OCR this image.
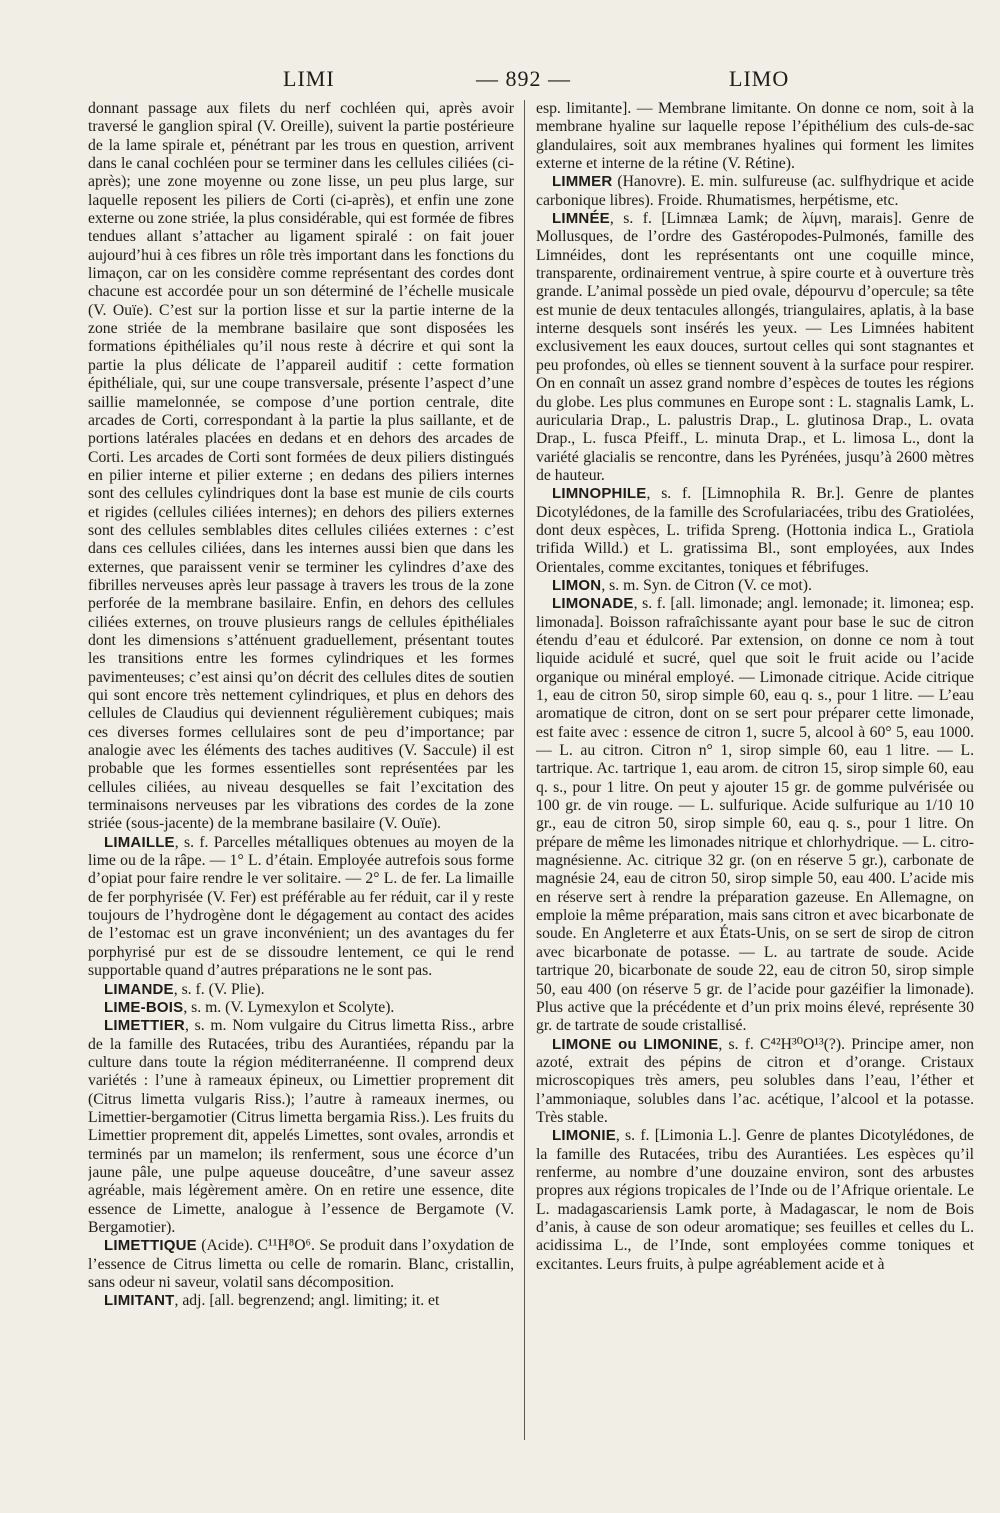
LIMI	— 892 —	LIMO

donnant passage aux filets du nerf cochléen qui, après avoir traversé le ganglion spiral (V. Oreille), suivent la partie postérieure de la lame spirale et, pénétrant par les trous en question, arrivent dans le canal cochléen pour se terminer dans les cellules ciliées (ci-après); une zone moyenne ou zone lisse, un peu plus large, sur laquelle reposent les piliers de Corti (ci-après), et enfin une zone externe ou zone striée, la plus considérable, qui est formée de fibres tendues allant s’attacher au ligament spiralé : on fait jouer aujourd’hui à ces fibres un rôle très important dans les fonctions du limaçon, car on les considère comme représentant des cordes dont chacune est accordée pour un son déterminé de l’échelle musicale (V. Ouïe). C’est sur la portion lisse et sur la partie interne de la zone striée de la membrane basilaire que sont disposées les formations épithéliales qu’il nous reste à décrire et qui sont la partie la plus délicate de l’appareil auditif : cette formation épithéliale, qui, sur une coupe transversale, présente l’aspect d’une saillie mamelonnée, se compose d’une portion centrale, dite arcades de Corti, correspondant à la partie la plus saillante, et de portions latérales placées en dedans et en dehors des arcades de Corti. Les arcades de Corti sont formées de deux piliers distingués en pilier interne et pilier externe ; en dedans des piliers internes sont des cellules cylindriques dont la base est munie de cils courts et rigides (cellules ciliées internes); en dehors des piliers externes sont des cellules semblables dites cellules ciliées externes : c’est dans ces cellules ciliées, dans les internes aussi bien que dans les externes, que paraissent venir se terminer les cylindres d’axe des fibrilles nerveuses après leur passage à travers les trous de la zone perforée de la membrane basilaire. Enfin, en dehors des cellules ciliées externes, on trouve plusieurs rangs de cellules épithéliales dont les dimensions s’atténuent graduellement, présentant toutes les transitions entre les formes cylindriques et les formes pavimenteuses; c’est ainsi qu’on décrit des cellules dites de soutien qui sont encore très nettement cylindriques, et plus en dehors des cellules de Claudius qui deviennent régulièrement cubiques; mais ces diverses formes cellulaires sont de peu d’importance; par analogie avec les éléments des taches auditives (V. Saccule) il est probable que les formes essentielles sont représentées par les cellules ciliées, au niveau desquelles se fait l’excitation des terminaisons nerveuses par les vibrations des cordes de la zone striée (sous-jacente) de la membrane basilaire (V. Ouïe).

LIMAILLE, s. f. Parcelles métalliques obtenues au moyen de la lime ou de la râpe. — 1° L. d’étain. Employée autrefois sous forme d’opiat pour faire rendre le ver solitaire. — 2° L. de fer. La limaille de fer porphyrisée (V. Fer) est préférable au fer réduit, car il y reste toujours de l’hydrogène dont le dégagement au contact des acides de l’estomac est un grave inconvénient; un des avantages du fer porphyrisé pur est de se dissoudre lentement, ce qui le rend supportable quand d’autres préparations ne le sont pas.

LIMANDE, s. f. (V. Plie).

LIME-BOIS, s. m. (V. Lymexylon et Scolyte).

LIMETTIER, s. m. Nom vulgaire du Citrus limetta Riss., arbre de la famille des Rutacées, tribu des Aurantiées, répandu par la culture dans toute la région méditerranéenne. Il comprend deux variétés : l’une à rameaux épineux, ou Limettier proprement dit (Citrus limetta vulgaris Riss.); l’autre à rameaux inermes, ou Limettier-bergamotier (Citrus limetta bergamia Riss.). Les fruits du Limettier proprement dit, appelés Limettes, sont ovales, arrondis et terminés par un mamelon; ils renferment, sous une écorce d’un jaune pâle, une pulpe aqueuse douceâtre, d’une saveur assez agréable, mais légèrement amère. On en retire une essence, dite essence de Limette, analogue à l’essence de Bergamote (V. Bergamotier).

LIMETTIQUE (Acide). C¹¹H⁸O⁶. Se produit dans l’oxydation de l’essence de Citrus limetta ou celle de romarin. Blanc, cristallin, sans odeur ni saveur, volatil sans décomposition.

LIMITANT, adj. [all. begrenzend; angl. limiting; it. et

esp. limitante]. — Membrane limitante. On donne ce nom, soit à la membrane hyaline sur laquelle repose l’épithélium des culs-de-sac glandulaires, soit aux membranes hyalines qui forment les limites externe et interne de la rétine (V. Rétine).

LIMMER (Hanovre). E. min. sulfureuse (ac. sulfhydrique et acide carbonique libres). Froide. Rhumatismes, herpétisme, etc.

LIMNÉE, s. f. [Limnæa Lamk; de λίμνη, marais]. Genre de Mollusques, de l’ordre des Gastéropodes-Pulmonés, famille des Limnéides, dont les représentants ont une coquille mince, transparente, ordinairement ventrue, à spire courte et à ouverture très grande. L’animal possède un pied ovale, dépourvu d’opercule; sa tête est munie de deux tentacules allongés, triangulaires, aplatis, à la base interne desquels sont insérés les yeux. — Les Limnées habitent exclusivement les eaux douces, surtout celles qui sont stagnantes et peu profondes, où elles se tiennent souvent à la surface pour respirer. On en connaît un assez grand nombre d’espèces de toutes les régions du globe. Les plus communes en Europe sont : L. stagnalis Lamk, L. auricularia Drap., L. palustris Drap., L. glutinosa Drap., L. ovata Drap., L. fusca Pfeiff., L. minuta Drap., et L. limosa L., dont la variété glacialis se rencontre, dans les Pyrénées, jusqu’à 2600 mètres de hauteur.

LIMNOPHILE, s. f. [Limnophila R. Br.]. Genre de plantes Dicotylédones, de la famille des Scrofulariacées, tribu des Gratiolées, dont deux espèces, L. trifida Spreng. (Hottonia indica L., Gratiola trifida Willd.) et L. gratissima Bl., sont employées, aux Indes Orientales, comme excitantes, toniques et fébrifuges.

LIMON, s. m. Syn. de Citron (V. ce mot).

LIMONADE, s. f. [all. limonade; angl. lemonade; it. limonea; esp. limonada]. Boisson rafraîchissante ayant pour base le suc de citron étendu d’eau et édulcoré. Par extension, on donne ce nom à tout liquide acidulé et sucré, quel que soit le fruit acide ou l’acide organique ou minéral employé. — Limonade citrique. Acide citrique 1, eau de citron 50, sirop simple 60, eau q. s., pour 1 litre. — L’eau aromatique de citron, dont on se sert pour préparer cette limonade, est faite avec : essence de citron 1, sucre 5, alcool à 60° 5, eau 1000. — L. au citron. Citron n° 1, sirop simple 60, eau 1 litre. — L. tartrique. Ac. tartrique 1, eau arom. de citron 15, sirop simple 60, eau q. s., pour 1 litre. On peut y ajouter 15 gr. de gomme pulvérisée ou 100 gr. de vin rouge. — L. sulfurique. Acide sulfurique au 1/10 10 gr., eau de citron 50, sirop simple 60, eau q. s., pour 1 litre. On prépare de même les limonades nitrique et chlorhydrique. — L. citro-magnésienne. Ac. citrique 32 gr. (on en réserve 5 gr.), carbonate de magnésie 24, eau de citron 50, sirop simple 50, eau 400. L’acide mis en réserve sert à rendre la préparation gazeuse. En Allemagne, on emploie la même préparation, mais sans citron et avec bicarbonate de soude. En Angleterre et aux États-Unis, on se sert de sirop de citron avec bicarbonate de potasse. — L. au tartrate de soude. Acide tartrique 20, bicarbonate de soude 22, eau de citron 50, sirop simple 50, eau 400 (on réserve 5 gr. de l’acide pour gazéifier la limonade). Plus active que la précédente et d’un prix moins élevé, représente 30 gr. de tartrate de soude cristallisé.

LIMONE ou LIMONINE, s. f. C⁴²H³⁰O¹³(?). Principe amer, non azoté, extrait des pépins de citron et d’orange. Cristaux microscopiques très amers, peu solubles dans l’eau, l’éther et l’ammoniaque, solubles dans l’ac. acétique, l’alcool et la potasse. Très stable.

LIMONIE, s. f. [Limonia L.]. Genre de plantes Dicotylédones, de la famille des Rutacées, tribu des Aurantiées. Les espèces qu’il renferme, au nombre d’une douzaine environ, sont des arbustes propres aux régions tropicales de l’Inde ou de l’Afrique orientale. Le L. madagascariensis Lamk porte, à Madagascar, le nom de Bois d’anis, à cause de son odeur aromatique; ses feuilles et celles du L. acidissima L., de l’Inde, sont employées comme toniques et excitantes. Leurs fruits, à pulpe agréablement acide et à
